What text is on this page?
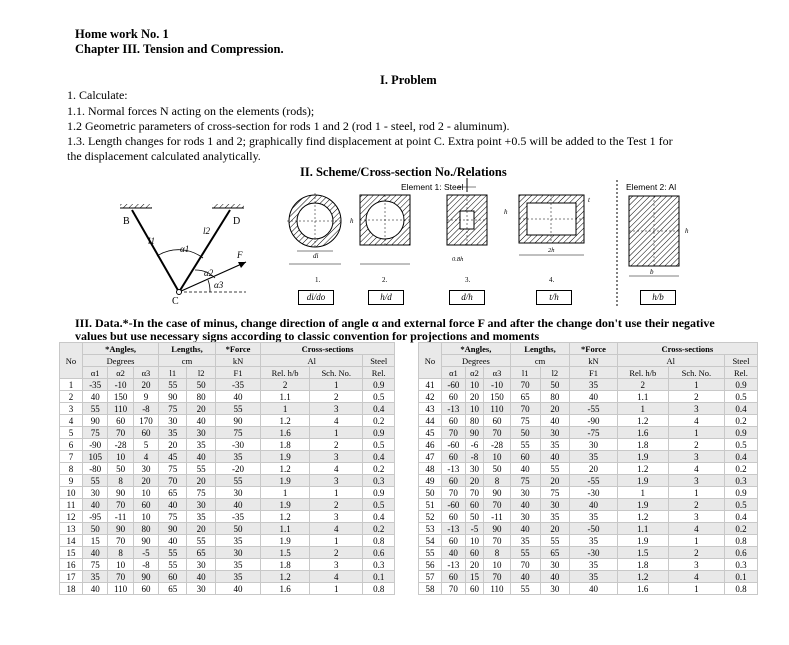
Home work No. 1
Chapter III. Tension and Compression.
I. Problem
1. Calculate:
1.1. Normal forces N acting on the elements (rods);
1.2 Geometric parameters of cross-section for rods 1 and 2 (rod 1 - steel, rod 2 - aluminum).
1.3. Length changes for rods 1 and 2; graphically find displacement at point C. Extra point +0.5 will be added to the Test 1 for
the displacement calculated analytically.
II. Scheme/Cross-section No./Relations
B	D
C
l1
l2
α1
α2
α3
F
Element 1: Steel
di
h
0.8h
h
2h
t
Element 2: Al
b
h
1.	2.	3.	4.
di/do	h/d	d/h	t/h	h/b
III. Data.*-In the case of minus, change direction of angle α and external force F and after the change don't use their negative
values but use necessary signs according to classic convention for projections and moments
No	*Angles,			Lengths,		*Force	Cross-sections		
	Degrees			cm		kN	Al		Steel
	α1	α2	α3	l1	l2	F1	Rel. h/b	Sch. No.	Rel.
1	-35	-10	20	55	50	-35	2	1	0.9
2	40	150	9	90	80	40	1.1	2	0.5
3	55	110	-8	75	20	55	1	3	0.4
4	90	60	170	30	40	90	1.2	4	0.2
5	75	70	60	35	30	75	1.6	1	0.9
6	-90	-28	5	20	35	-30	1.8	2	0.5
7	105	10	4	45	40	35	1.9	3	0.4
8	-80	50	30	75	55	-20	1.2	4	0.2
9	55	8	20	70	20	55	1.9	3	0.3
10	30	90	10	65	75	30	1	1	0.9
11	40	70	60	40	30	40	1.9	2	0.5
12	-95	-11	10	75	35	-35	1.2	3	0.4
13	50	90	80	90	20	50	1.1	4	0.2
14	15	70	90	40	55	35	1.9	1	0.8
15	40	8	-5	55	65	30	1.5	2	0.6
16	75	10	-8	55	30	35	1.8	3	0.3
17	35	70	90	60	40	35	1.2	4	0.1
18	40	110	60	65	30	40	1.6	1	0.8
No	*Angles,			Lengths,		*Force	Cross-sections		
	Degrees			cm		kN	Al		Steel
	α1	α2	α3	l1	l2	F1	Rel. h/b	Sch. No.	Rel.
41	-60	10	-10	70	50	35	2	1	0.9
42	60	20	150	65	80	40	1.1	2	0.5
43	-13	10	110	70	20	-55	1	3	0.4
44	60	80	60	75	40	-90	1.2	4	0.2
45	70	90	70	50	30	-75	1.6	1	0.9
46	-60	-6	-28	55	35	30	1.8	2	0.5
47	60	-8	10	60	40	35	1.9	3	0.4
48	-13	30	50	40	55	20	1.2	4	0.2
49	60	20	8	75	20	-55	1.9	3	0.3
50	70	70	90	30	75	-30	1	1	0.9
51	-60	60	70	40	30	40	1.9	2	0.5
52	60	50	-11	30	35	35	1.2	3	0.4
53	-13	-5	90	40	20	-50	1.1	4	0.2
54	60	10	70	35	55	35	1.9	1	0.8
55	40	60	8	55	65	-30	1.5	2	0.6
56	-13	20	10	70	30	35	1.8	3	0.3
57	60	15	70	40	40	35	1.2	4	0.1
58	70	60	110	55	30	40	1.6	1	0.8
